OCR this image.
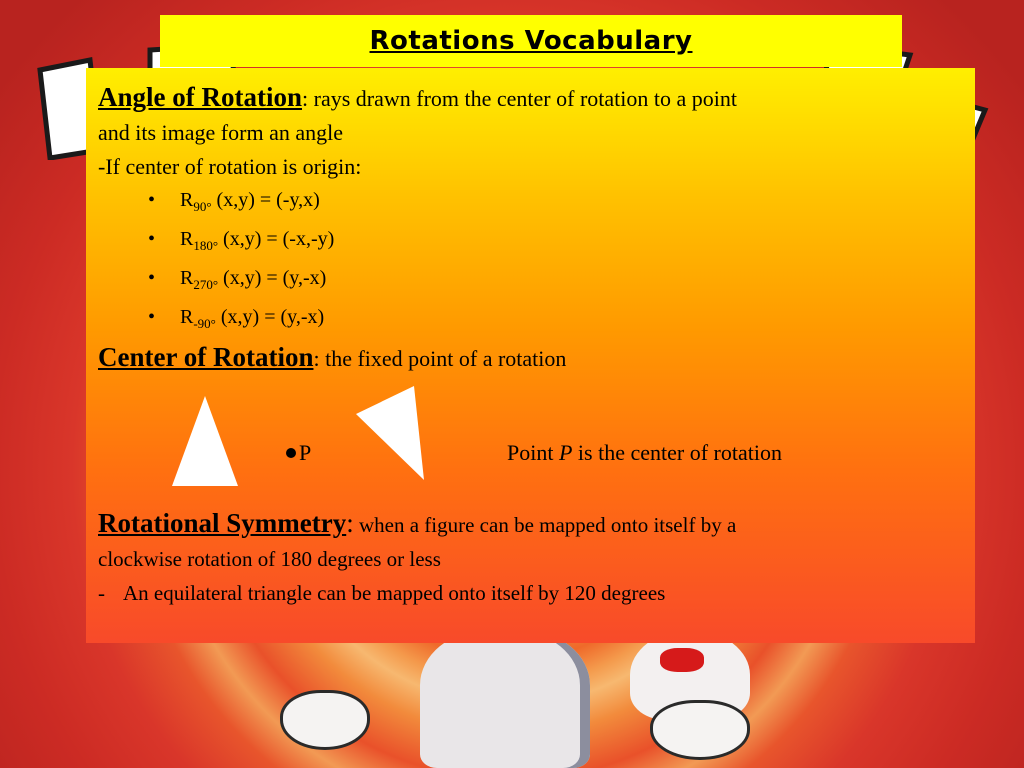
Rotations Vocabulary
Angle of Rotation: rays drawn from the center of rotation to a point
and its image form an angle
-If center of rotation is origin:
• $R_{90^\circ}$ (x,y) = (-y,x)
• $R_{180^\circ}$ (x,y) = (-x,-y)
• $R_{270^\circ}$ (x,y) = (y,-x)
• $R_{-90^\circ}$ (x,y) = (y,-x)
Center of Rotation: the fixed point of a rotation
P	Point P is the center of rotation
Rotational Symmetry: when a figure can be mapped onto itself by a
clockwise rotation of 180 degrees or less
- An equilateral triangle can be mapped onto itself by 120 degrees
